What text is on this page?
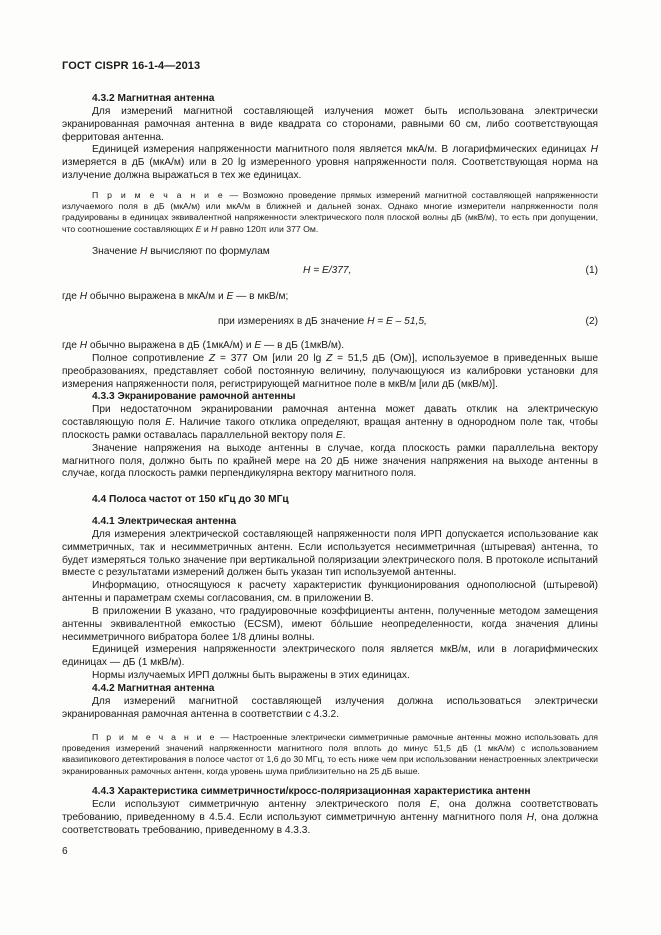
ГОСТ CISPR 16-1-4—2013

4.3.2 Магнитная антенна

Для измерений магнитной составляющей излучения может быть использована электрически экранированная рамочная антенна в виде квадрата со сторонами, равными 60 см, либо соответствующая ферритовая антенна.

Единицей измерения напряженности магнитного поля является мкА/м. В логарифмических единицах H измеряется в дБ (мкА/м) или в 20 lg измеренного уровня напряженности поля. Соответствующая норма на излучение должна выражаться в тех же единицах.

П р и м е ч а н и е — Возможно проведение прямых измерений магнитной составляющей напряженности излучаемого поля в дБ (мкА/м) или мкА/м в ближней и дальней зонах. Однако многие измерители напряженности поля градуированы в единицах эквивалентной напряженности электрического поля плоской волны дБ (мкВ/м), то есть при допущении, что соотношение составляющих E и H равно 120π или 377 Ом.

Значение H вычисляют по формулам

H = E/377,	(1)
где H обычно выражена в мкА/м и E — в мкВ/м;
при измерениях в дБ значение H = E – 51,5,	(2)

где H обычно выражена в дБ (1мкА/м) и E — в дБ (1мкВ/м).

Полное сопротивление Z = 377 Ом [или 20 lg Z = 51,5 дБ (Ом)], используемое в приведенных выше преобразованиях, представляет собой постоянную величину, получающуюся из калибровки установки для измерения напряженности поля, регистрирующей магнитное поле в мкВ/м [или дБ (мкВ/м)].

4.3.3 Экранирование рамочной антенны

При недостаточном экранировании рамочная антенна может давать отклик на электрическую составляющую поля E. Наличие такого отклика определяют, вращая антенну в однородном поле так, чтобы плоскость рамки оставалась параллельной вектору поля E.

Значение напряжения на выходе антенны в случае, когда плоскость рамки параллельна вектору магнитного поля, должно быть по крайней мере на 20 дБ ниже значения напряжения на выходе антенны в случае, когда плоскость рамки перпендикулярна вектору магнитного поля.

4.4 Полоса частот от 150 кГц до 30 МГц

4.4.1 Электрическая антенна

Для измерения электрической составляющей напряженности поля ИРП допускается использование как симметричных, так и несимметричных антенн. Если используется несимметричная (штыревая) антенна, то будет измеряться только значение при вертикальной поляризации электрического поля. В протоколе испытаний вместе с результатами измерений должен быть указан тип используемой антенны.

Информацию, относящуюся к расчету характеристик функционирования однополюсной (штыревой) антенны и параметрам схемы согласования, см. в приложении В.

В приложении В указано, что градуировочные коэффициенты антенн, полученные методом замещения антенны эквивалентной емкостью (ECSM), имеют бóльшие неопределенности, когда значения длины несимметричного вибратора более 1/8 длины волны.

Единицей измерения напряженности электрического поля является мкВ/м, или в логарифмических единицах — дБ (1 мкВ/м).

Нормы излучаемых ИРП должны быть выражены в этих единицах.

4.4.2 Магнитная антенна

Для измерений магнитной составляющей излучения должна использоваться электрически экранированная рамочная антенна в соответствии с 4.3.2.

П р и м е ч а н и е — Настроенные электрически симметричные рамочные антенны можно использовать для проведения измерений значений напряженности магнитного поля вплоть до минус 51,5 дБ (1 мкА/м) с использованием квазипикового детектирования в полосе частот от 1,6 до 30 МГц, то есть ниже чем при использовании ненастроенных электрически экранированных рамочных антенн, когда уровень шума приблизительно на 25 дБ выше.

4.4.3 Характеристика симметричности/кросс-поляризационная характеристика антенн

Если используют симметричную антенну электрического поля E, она должна соответствовать требованию, приведенному в 4.5.4. Если используют симметричную антенну магнитного поля H, она должна соответствовать требованию, приведенному в 4.3.3.

6
